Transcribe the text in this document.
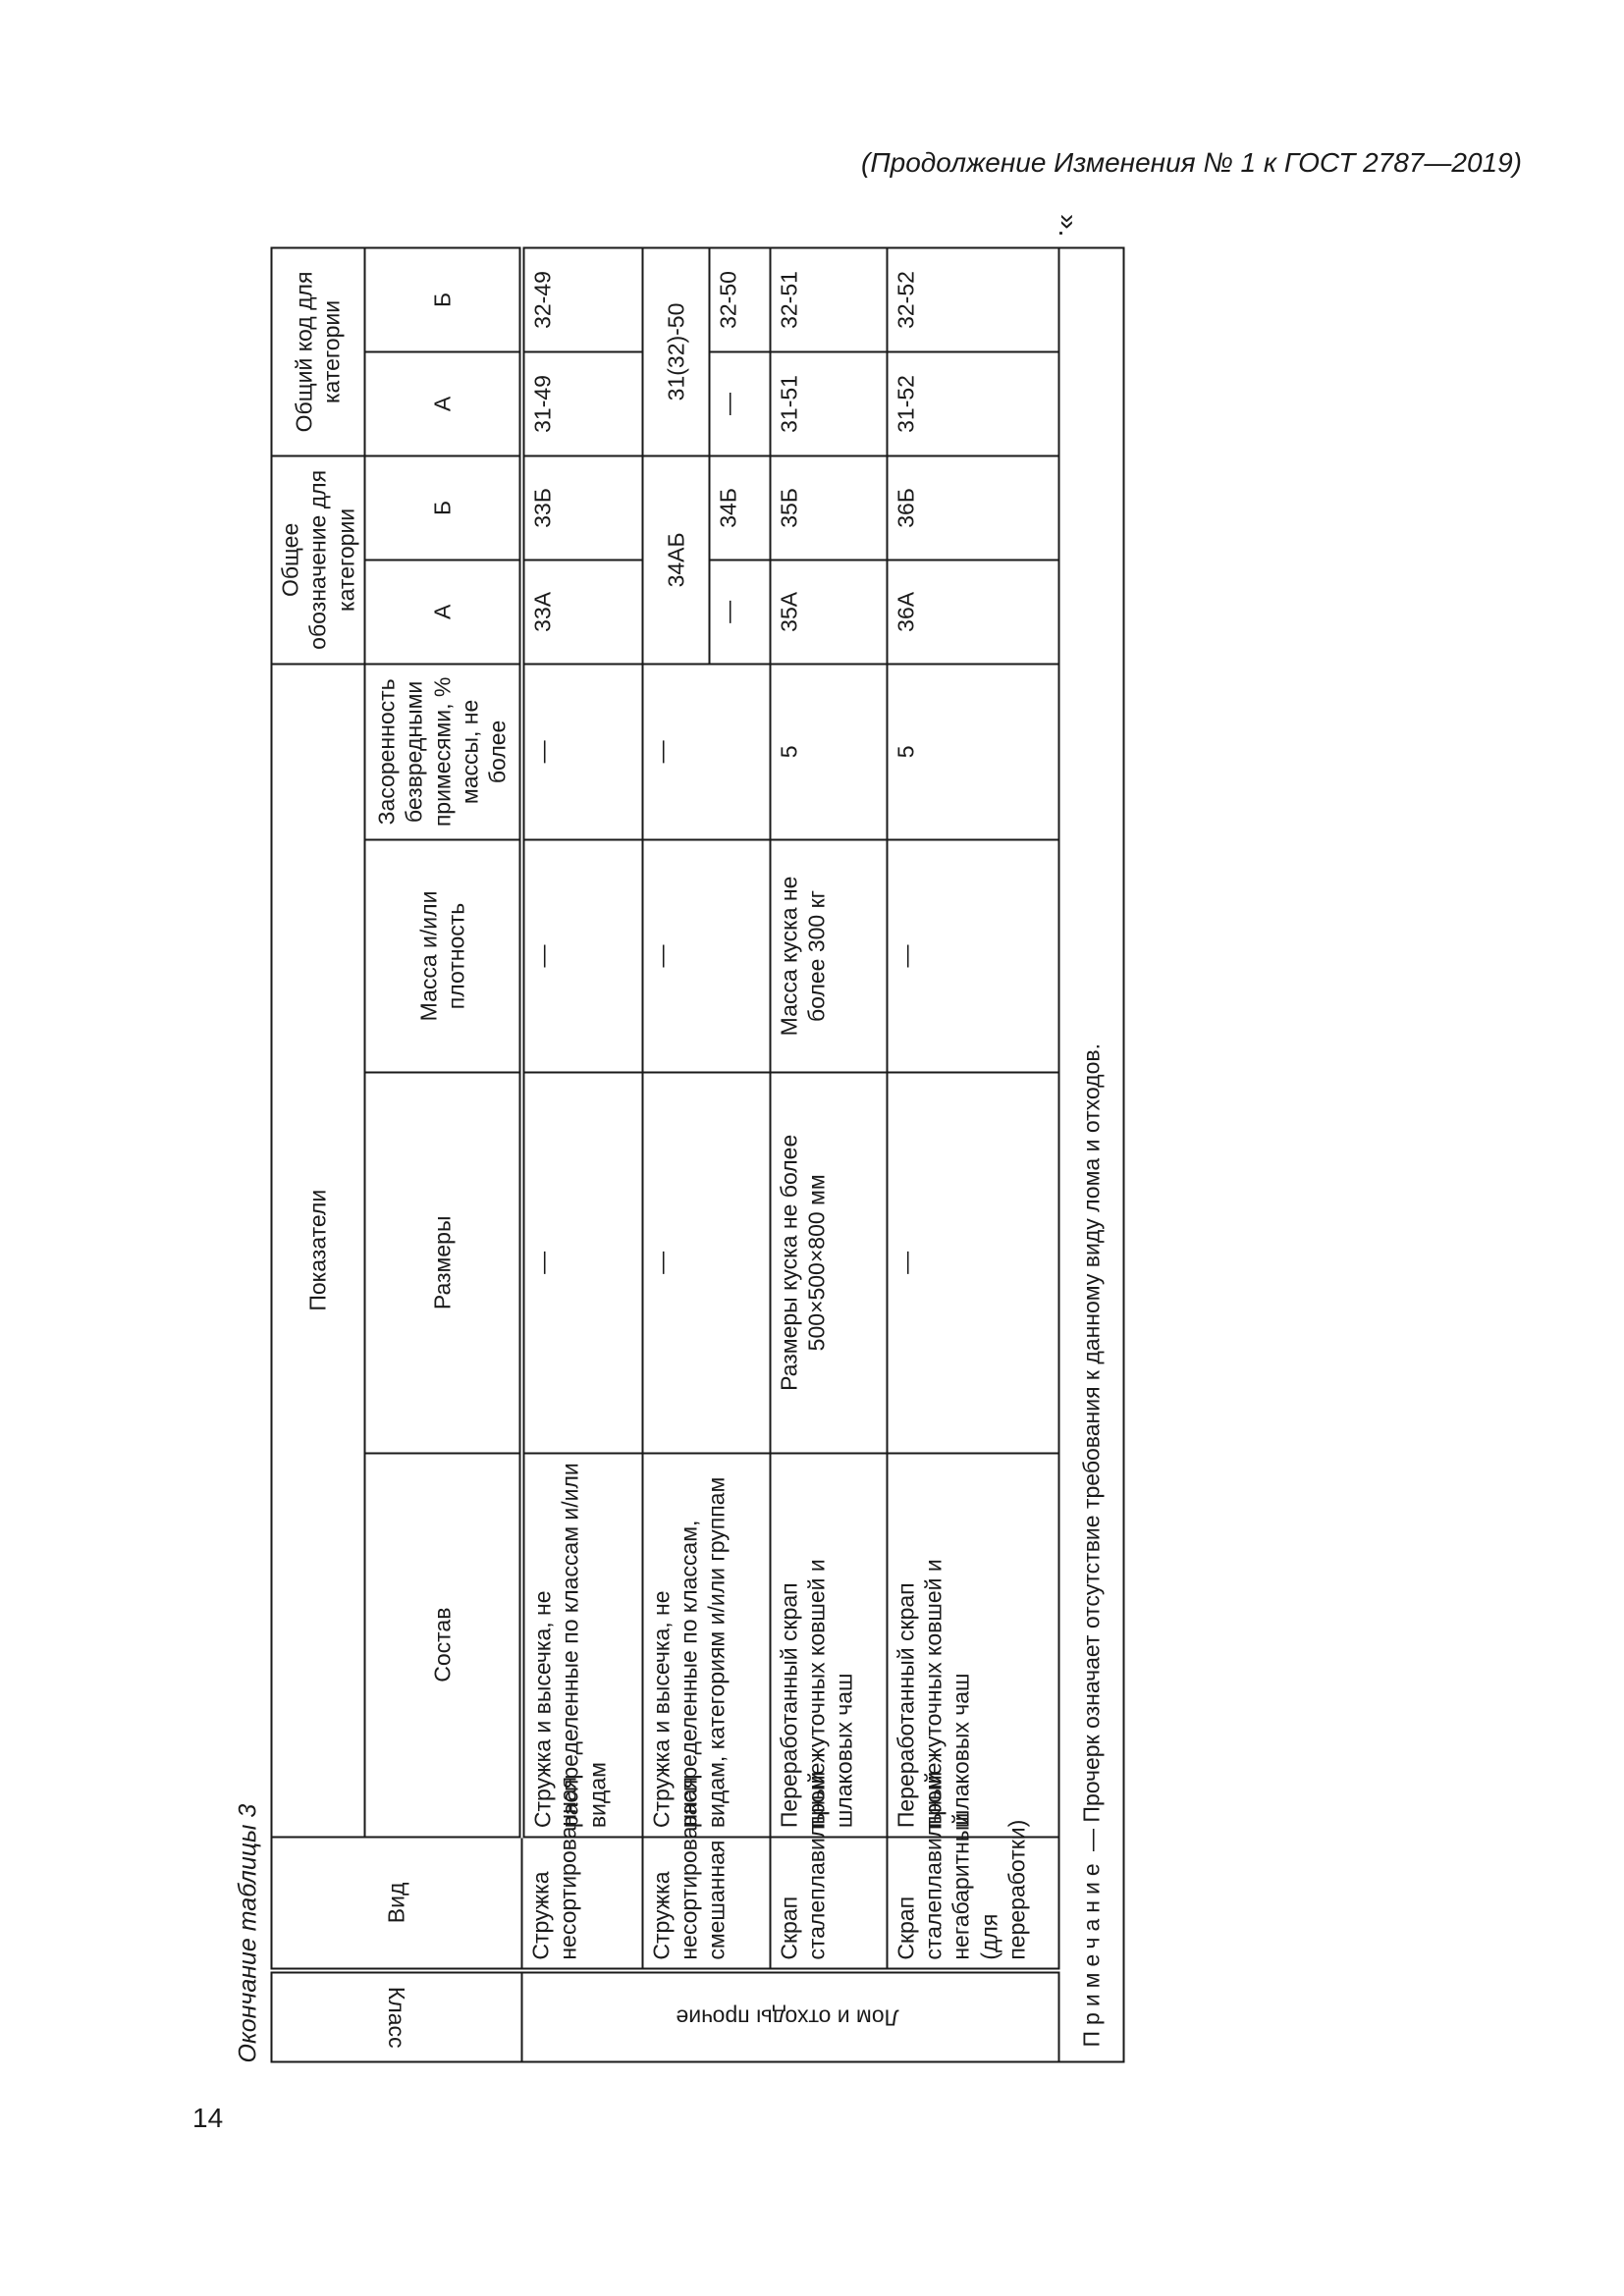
(Продолжение Изменения № 1 к ГОСТ 2787—2019)
14
».
Окончание таблицы 3	Класс	Вид	Показатели				Общее обозначение для категории		Общий код для категории	

		Состав	Размеры	Масса и/или плотность	Засоренность безвредными примесями, % массы, не более	А	Б	А	Б
Лом и отходы прочие	Стружка несортированная	Стружка и высечка, не распределенные по классам и/или видам	—	—	—	33А	33Б	31-49	32-49
	Стружка несортированная смешанная	Стружка и высечка, не распределенные по классам, видам, категориям и/или группам	—	—	—	34АБ		31(32)-50	
						—	34Б	—	32-50
	Скрап сталеплавильный	Переработанный скрап промежуточных ковшей и шлаковых чаш	Размеры куска не более 500×500×800 мм	Масса куска не более 300 кг	5	35А	35Б	31-51	32-51
	Скрап сталеплавильный негабаритный (для переработки)	Переработанный скрап промежуточных ковшей и шлаковых чаш	—	—	5	36А	36Б	31-52	32-52
Примечание — Прочерк означает отсутствие требования к данному виду лома и отходов.									
